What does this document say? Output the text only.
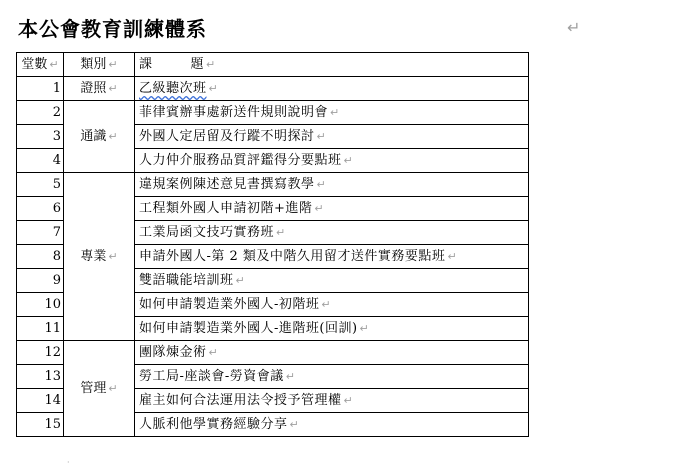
本公會教育訓練體系	↵
堂數 ↵	類別 ↵	課 題 ↵
1	證照 ↵	乙級聽次班 ↵
2	通識 ↵	菲律賓辦事處新送件規則說明會 ↵
3		外國人定居留及行蹤不明探討 ↵
4		人力仲介服務品質評鑑得分要點班 ↵
5	專業 ↵	違規案例陳述意見書撰寫教學 ↵
6		工程類外國人申請初階+進階 ↵
7		工業局函文技巧實務班 ↵
8		申請外國人-第 2 類及中階久用留才送件實務要點班 ↵
9		雙語職能培訓班 ↵
10		如何申請製造業外國人-初階班 ↵
11		如何申請製造業外國人-進階班(回訓) ↵
12	管理 ↵	團隊煉金術 ↵
13		勞工局-座談會-勞資會議 ↵
14		雇主如何合法運用法令授予管理權 ↵
15		人脈利他學實務經驗分享 ↵
·
